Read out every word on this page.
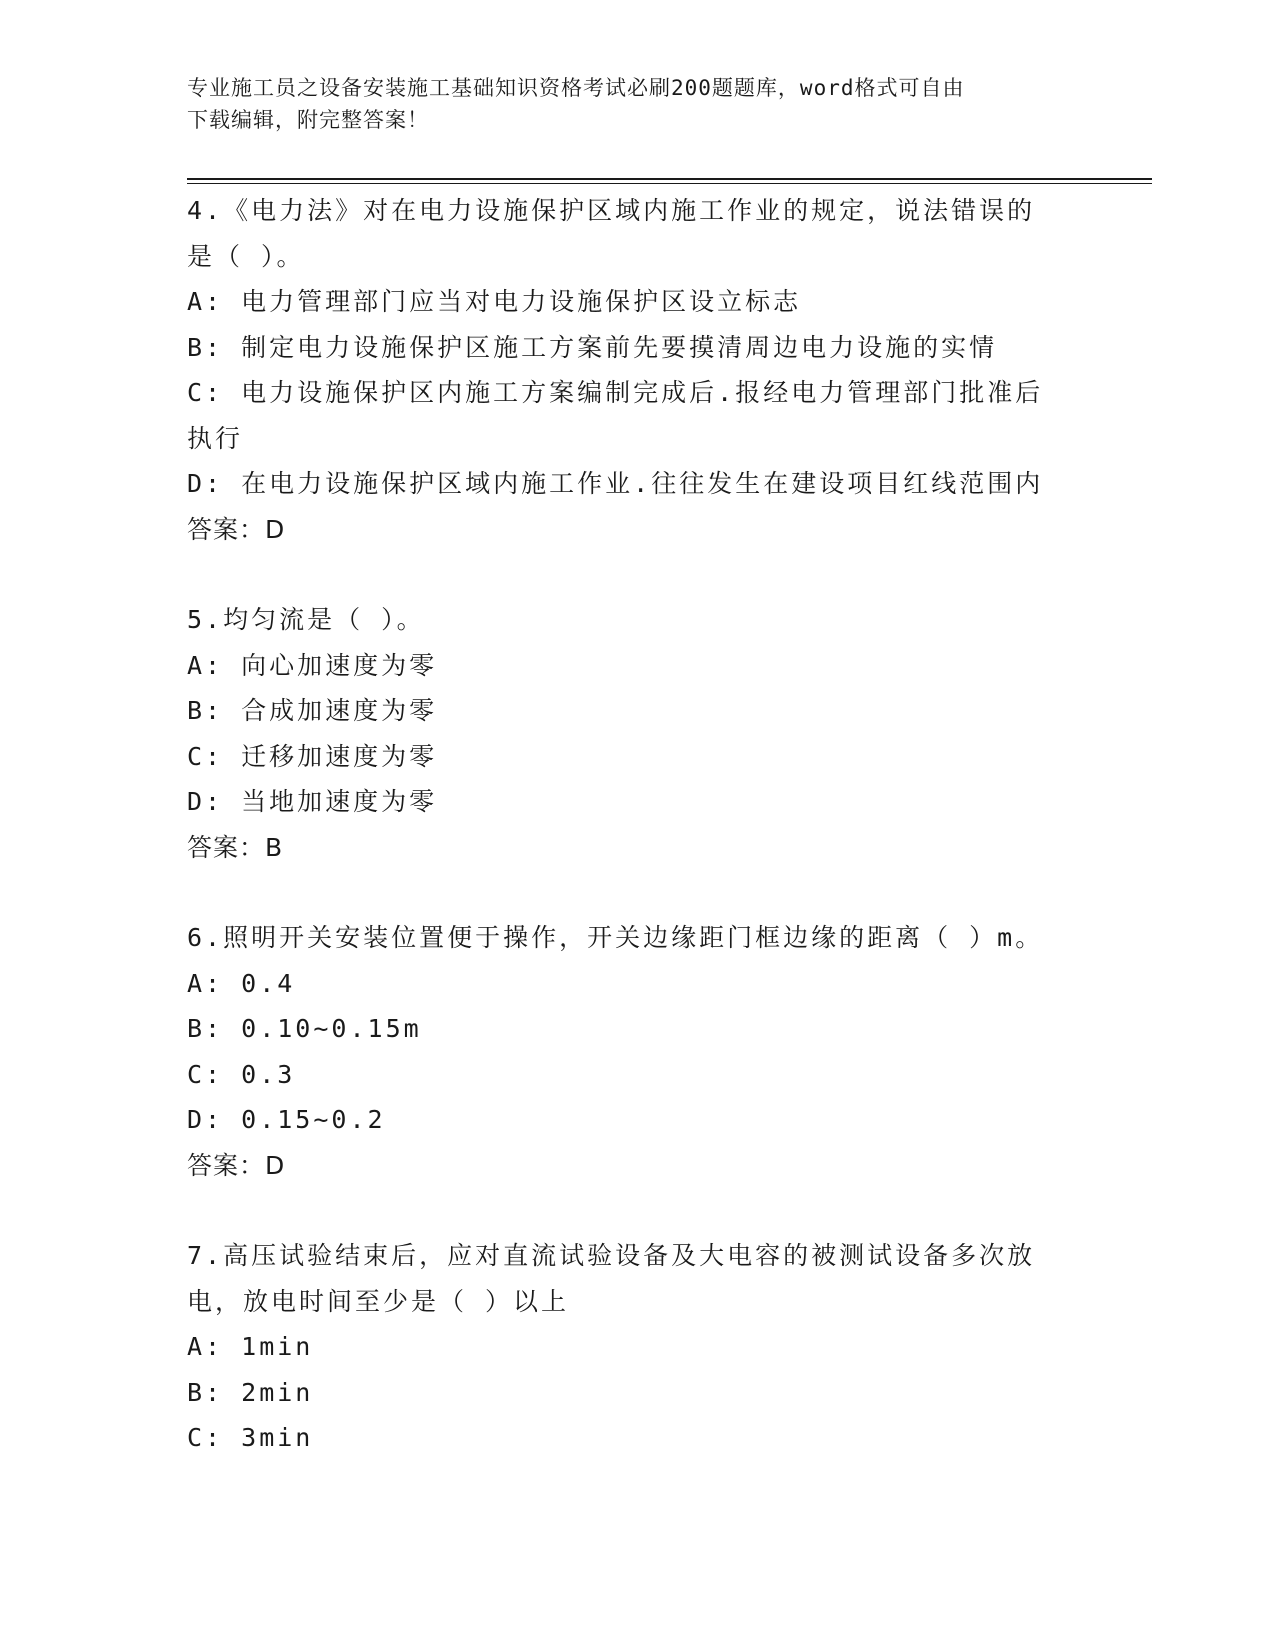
专业施工员之设备安装施工基础知识资格考试必刷200题题库，word格式可自由
下载编辑，附完整答案！

4.《电力法》对在电力设施保护区域内施工作业的规定，说法错误的

是（ ）。

A: 电力管理部门应当对电力设施保护区设立标志

B: 制定电力设施保护区施工方案前先要摸清周边电力设施的实情

C: 电力设施保护区内施工方案编制完成后.报经电力管理部门批准后

执行

D: 在电力设施保护区域内施工作业.往往发生在建设项目红线范围内

答案：D

5.均匀流是（ ）。

A: 向心加速度为零

B: 合成加速度为零

C: 迁移加速度为零

D: 当地加速度为零

答案：B

6.照明开关安装位置便于操作，开关边缘距门框边缘的距离（ ）m。

A: 0.4

B: 0.10~0.15m

C: 0.3

D: 0.15~0.2

答案：D

7.高压试验结束后，应对直流试验设备及大电容的被测试设备多次放

电，放电时间至少是（ ）以上

A: 1min

B: 2min

C: 3min
